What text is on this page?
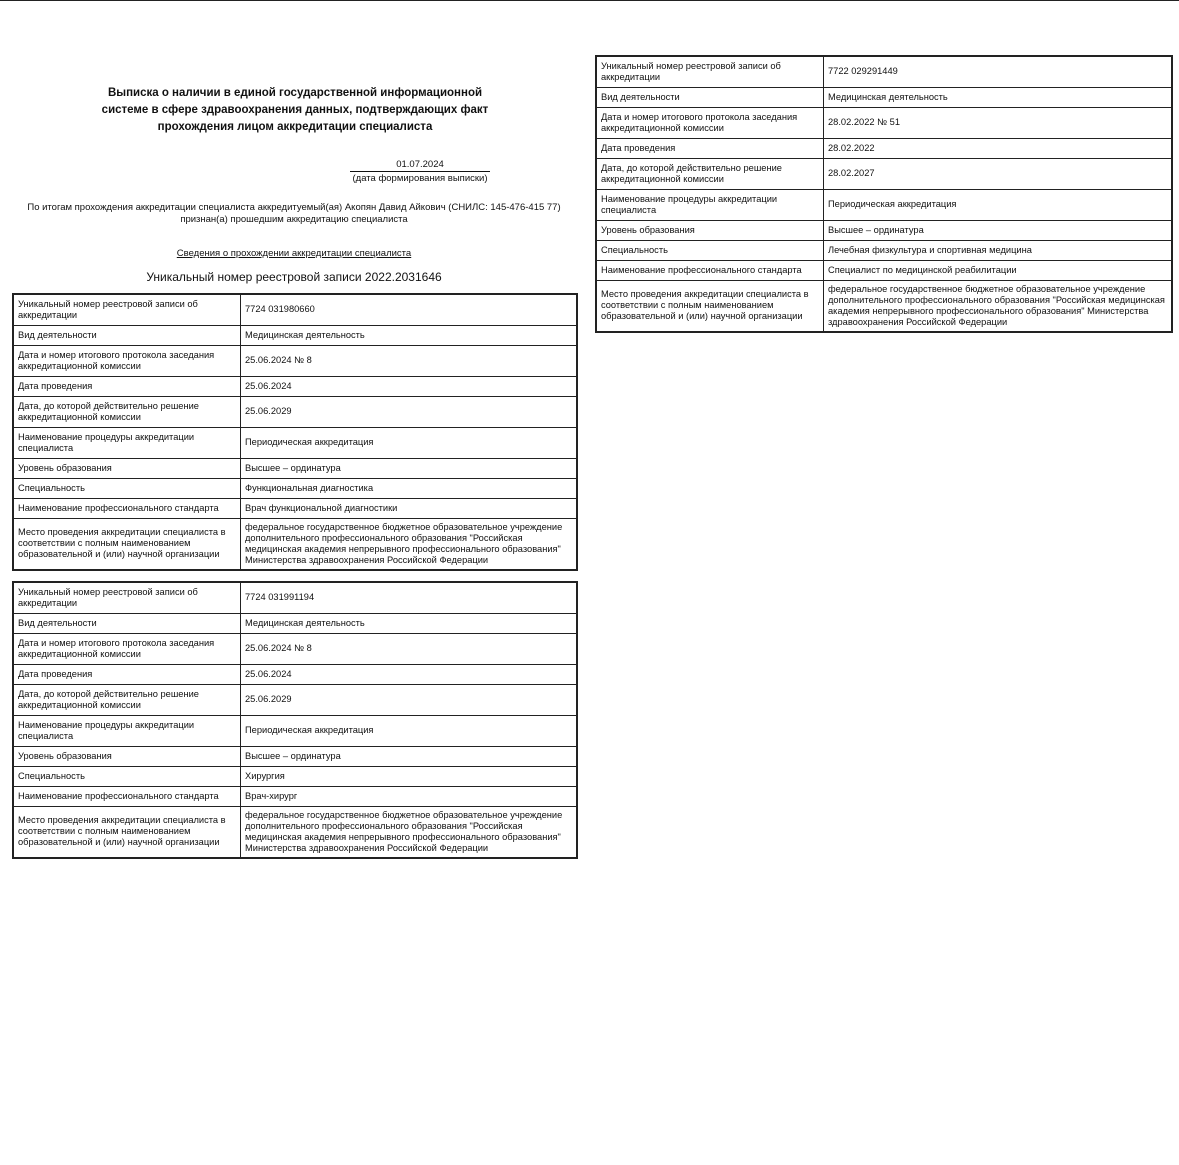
Выписка о наличии в единой государственной информационной
системе в сфере здравоохранения данных, подтверждающих факт
прохождения лицом аккредитации специалиста
01.07.2024
(дата формирования выписки)
По итогам прохождения аккредитации специалиста аккредитуемый(ая) Акопян Давид Айкович (СНИЛС: 145-476-415 77)
признан(а) прошедшим аккредитацию специалиста
Сведения о прохождении аккредитации специалиста
Уникальный номер реестровой записи 2022.2031646
Уникальный номер реестровой записи об аккредитации	7724 031980660
Вид деятельности	Медицинская деятельность
Дата и номер итогового протокола заседания аккредитационной комиссии	25.06.2024 № 8
Дата проведения	25.06.2024
Дата, до которой действительно решение аккредитационной комиссии	25.06.2029
Наименование процедуры аккредитации специалиста	Периодическая аккредитация
Уровень образования	Высшее – ординатура
Специальность	Функциональная диагностика
Наименование профессионального стандарта	Врач функциональной диагностики
Место проведения аккредитации специалиста в соответствии с полным наименованием образовательной и (или) научной организации	федеральное государственное бюджетное образовательное учреждение дополнительного профессионального образования "Российская медицинская академия непрерывного профессионального образования" Министерства здравоохранения Российской Федерации
Уникальный номер реестровой записи об аккредитации	7724 031991194
Вид деятельности	Медицинская деятельность
Дата и номер итогового протокола заседания аккредитационной комиссии	25.06.2024 № 8
Дата проведения	25.06.2024
Дата, до которой действительно решение аккредитационной комиссии	25.06.2029
Наименование процедуры аккредитации специалиста	Периодическая аккредитация
Уровень образования	Высшее – ординатура
Специальность	Хирургия
Наименование профессионального стандарта	Врач-хирург
Место проведения аккредитации специалиста в соответствии с полным наименованием образовательной и (или) научной организации	федеральное государственное бюджетное образовательное учреждение дополнительного профессионального образования "Российская медицинская академия непрерывного профессионального образования" Министерства здравоохранения Российской Федерации
Уникальный номер реестровой записи об аккредитации	7722 029291449
Вид деятельности	Медицинская деятельность
Дата и номер итогового протокола заседания аккредитационной комиссии	28.02.2022 № 51
Дата проведения	28.02.2022
Дата, до которой действительно решение аккредитационной комиссии	28.02.2027
Наименование процедуры аккредитации специалиста	Периодическая аккредитация
Уровень образования	Высшее – ординатура
Специальность	Лечебная физкультура и спортивная медицина
Наименование профессионального стандарта	Специалист по медицинской реабилитации
Место проведения аккредитации специалиста в соответствии с полным наименованием образовательной и (или) научной организации	федеральное государственное бюджетное образовательное учреждение дополнительного профессионального образования "Российская медицинская академия непрерывного профессионального образования" Министерства здравоохранения Российской Федерации
